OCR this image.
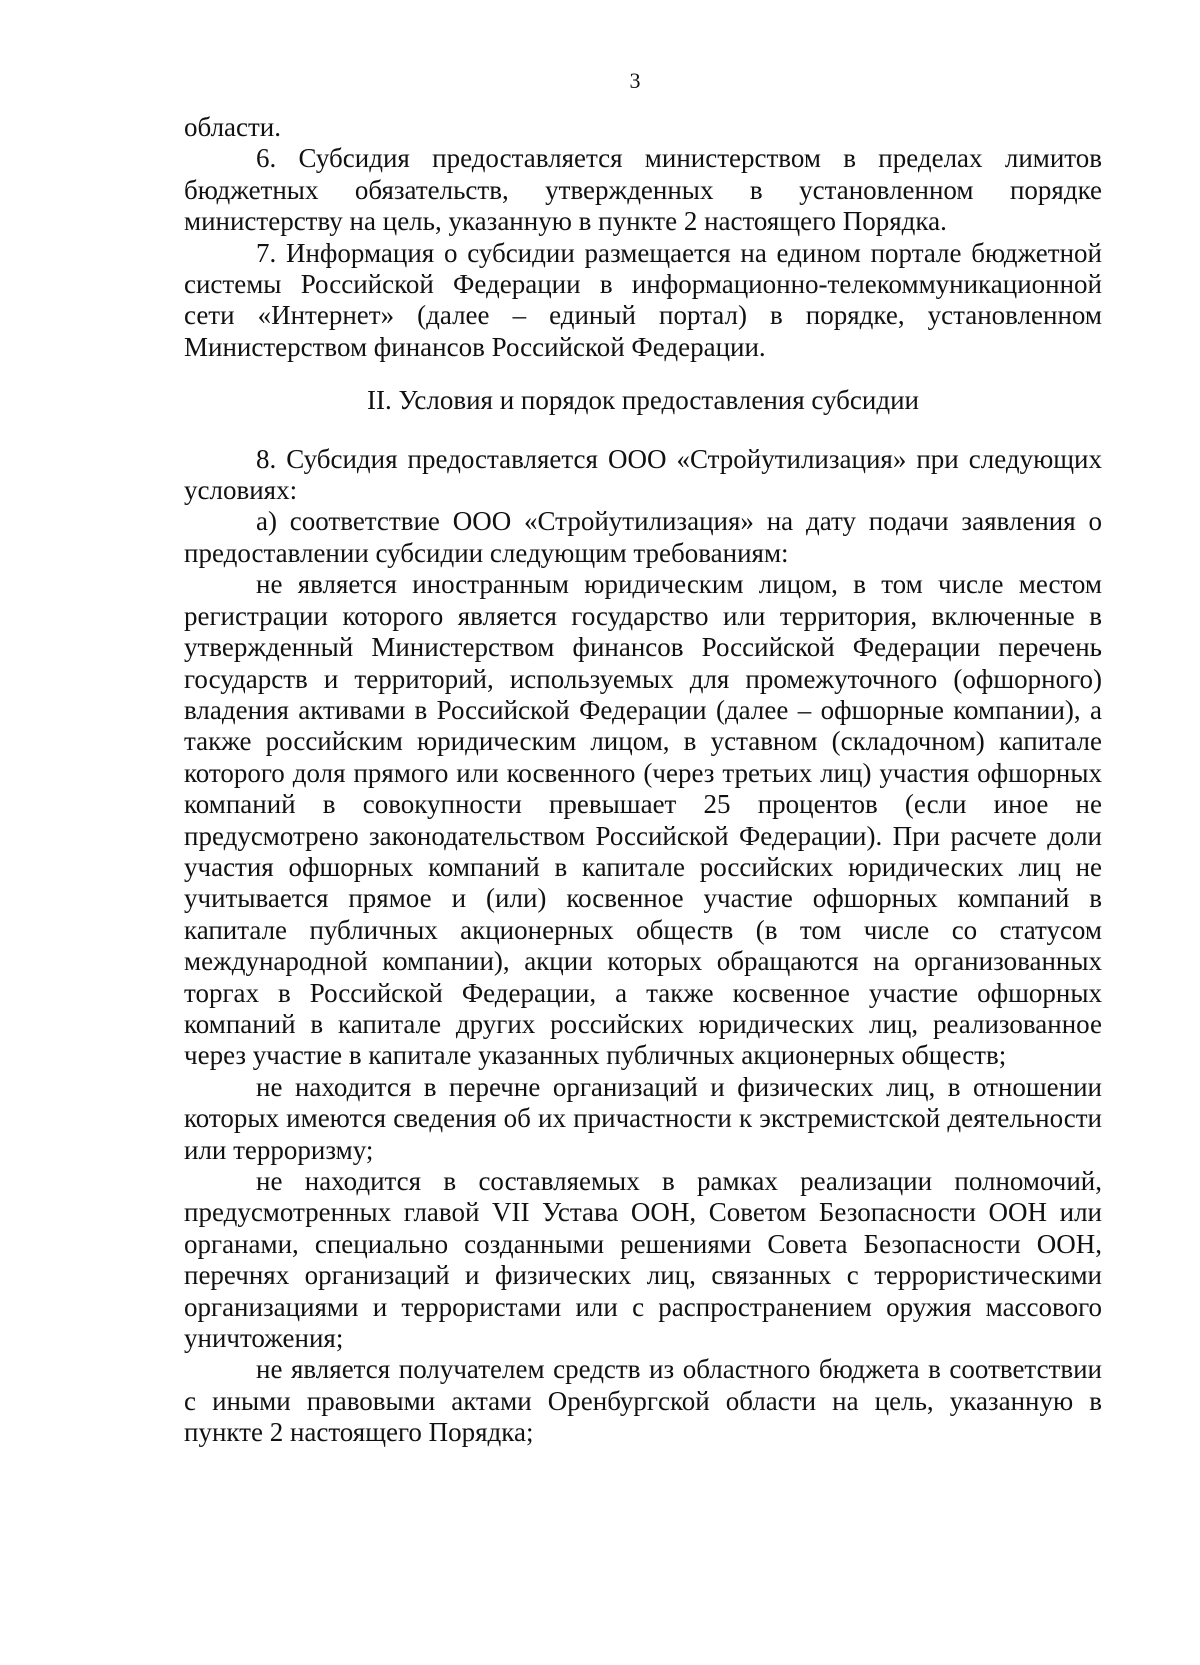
3

области.

6. Субсидия предоставляется министерством в пределах лимитов бюджетных обязательств, утвержденных в установленном порядке министерству на цель, указанную в пункте 2 настоящего Порядка.

7. Информация о субсидии размещается на едином портале бюджетной системы Российской Федерации в информационно-телекоммуникационной сети «Интернет» (далее – единый портал) в порядке, установленном Министерством финансов Российской Федерации.

II. Условия и порядок предоставления субсидии

8. Субсидия предоставляется ООО «Стройутилизация» при следующих условиях:

а) соответствие ООО «Стройутилизация» на дату подачи заявления о предоставлении субсидии следующим требованиям:

не является иностранным юридическим лицом, в том числе местом регистрации которого является государство или территория, включенные в утвержденный Министерством финансов Российской Федерации перечень государств и территорий, используемых для промежуточного (офшорного) владения активами в Российской Федерации (далее – офшорные компании), а также российским юридическим лицом, в уставном (складочном) капитале которого доля прямого или косвенного (через третьих лиц) участия офшорных компаний в совокупности превышает 25 процентов (если иное не предусмотрено законодательством Российской Федерации). При расчете доли участия офшорных компаний в капитале российских юридических лиц не учитывается прямое и (или) косвенное участие офшорных компаний в капитале публичных акционерных обществ (в том числе со статусом международной компании), акции которых обращаются на организованных торгах в Российской Федерации, а также косвенное участие офшорных компаний в капитале других российских юридических лиц, реализованное через участие в капитале указанных публичных акционерных обществ;

не находится в перечне организаций и физических лиц, в отношении которых имеются сведения об их причастности к экстремистской деятельности или терроризму;

не находится в составляемых в рамках реализации полномочий, предусмотренных главой VII Устава ООН, Советом Безопасности ООН или органами, специально созданными решениями Совета Безопасности ООН, перечнях организаций и физических лиц, связанных с террористическими организациями и террористами или с распространением оружия массового уничтожения;

не является получателем средств из областного бюджета в соответствии с иными правовыми актами Оренбургской области на цель, указанную в пункте 2 настоящего Порядка;
